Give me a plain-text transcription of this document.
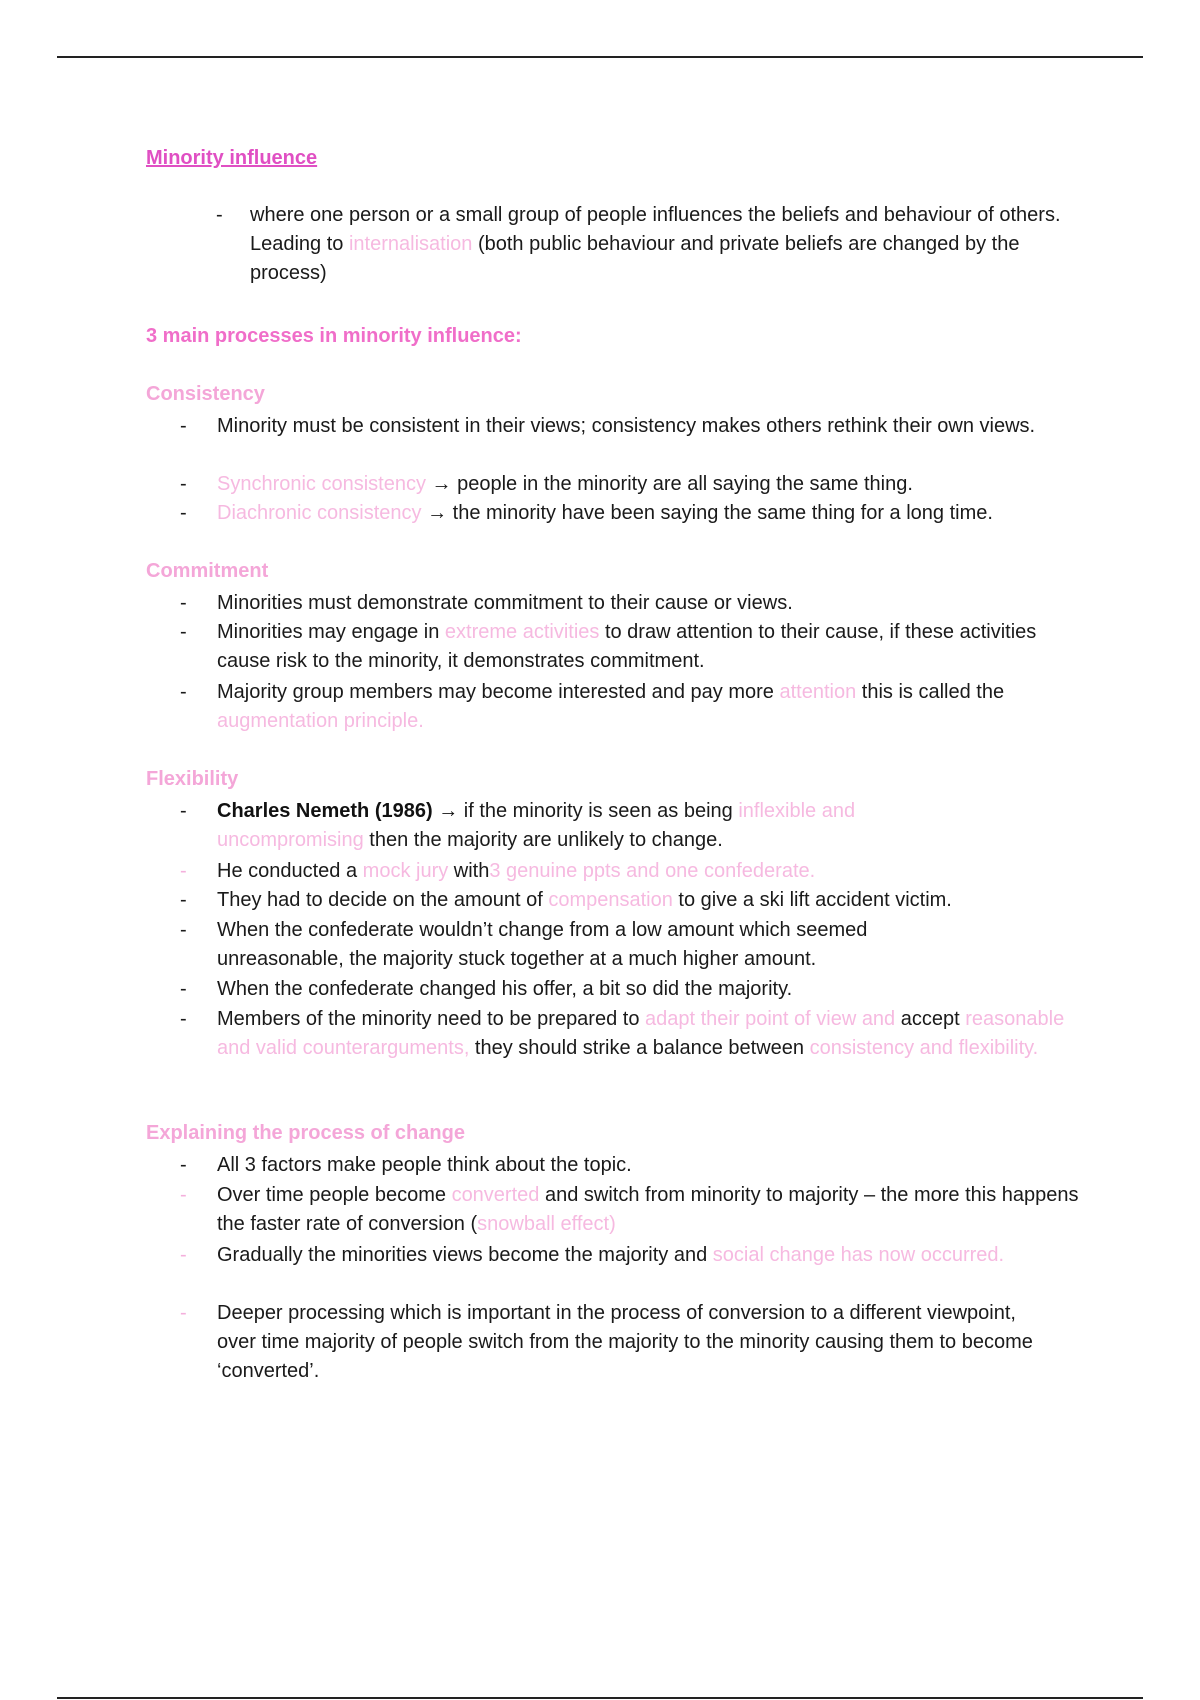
Minority influence
- where one person or a small group of people influences the beliefs and behaviour of others. Leading to internalisation (both public behaviour and private beliefs are changed by the process)
3 main processes in minority influence:
Consistency
- Minority must be consistent in their views; consistency makes others rethink their own views.
- Synchronic consistency → people in the minority are all saying the same thing.
- Diachronic consistency → the minority have been saying the same thing for a long time.
Commitment
- Minorities must demonstrate commitment to their cause or views.
- Minorities may engage in extreme activities to draw attention to their cause, if these activities cause risk to the minority, it demonstrates commitment.
- Majority group members may become interested and pay more attention this is called the augmentation principle.
Flexibility
- Charles Nemeth (1986) → if the minority is seen as being inflexible and uncompromising then the majority are unlikely to change.
- He conducted a mock jury with3 genuine ppts and one confederate.
- They had to decide on the amount of compensation to give a ski lift accident victim.
- When the confederate wouldn’t change from a low amount which seemed unreasonable, the majority stuck together at a much higher amount.
- When the confederate changed his offer, a bit so did the majority.
- Members of the minority need to be prepared to adapt their point of view and accept reasonable and valid counterarguments, they should strike a balance between consistency and flexibility.
Explaining the process of change
- All 3 factors make people think about the topic.
- Over time people become converted and switch from minority to majority – the more this happens the faster rate of conversion (snowball effect)
- Gradually the minorities views become the majority and social change has now occurred.
- Deeper processing which is important in the process of conversion to a different viewpoint, over time majority of people switch from the majority to the minority causing them to become ‘converted’.
